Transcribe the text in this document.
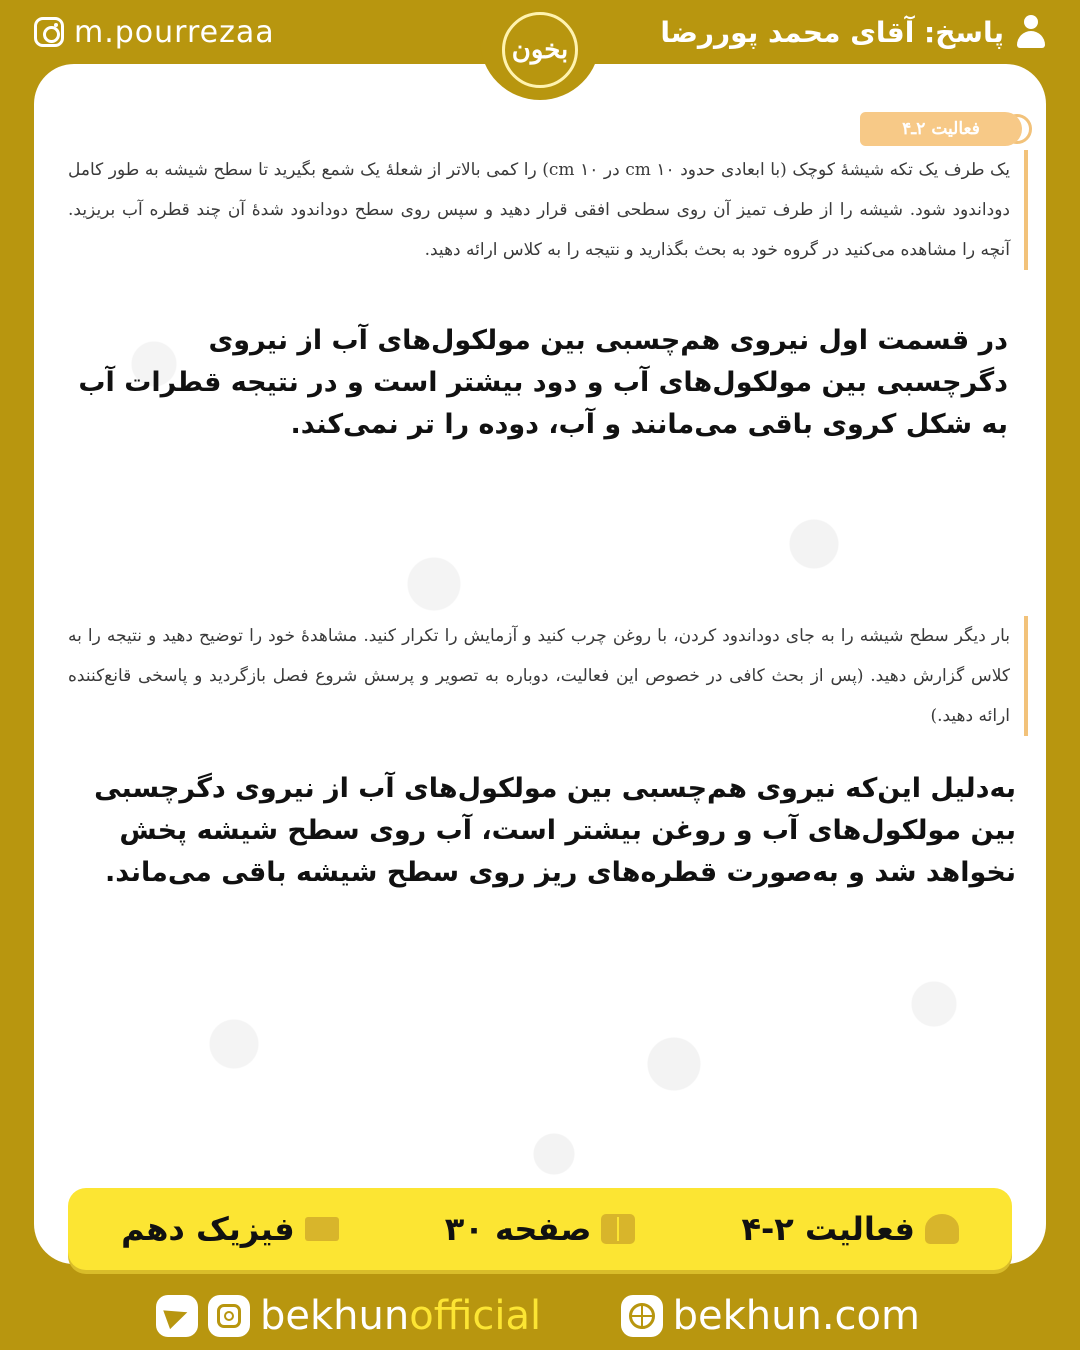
m.pourrezaa	پاسخ: آقای محمد پوررضا
فعالیت ۲ـ۴
یک طرف یک تکه شیشهٔ کوچک (با ابعادی حدود cm ۱۰ در cm ۱۰) را کمی بالاتر از شعلهٔ یک شمع بگیرید تا سطح شیشه به طور کامل دوداندود شود. شیشه را از طرف تمیز آن روی سطحی افقی قرار دهید و سپس روی سطح دوداندود شدهٔ آن چند قطره آب بریزید. آنچه را مشاهده می‌کنید در گروه خود به بحث بگذارید و نتیجه را به کلاس ارائه دهید.
در قسمت اول نیروی هم‌چسبی بین مولکول‌های آب از نیروی دگرچسبی بین مولکول‌های آب و دود بیشتر است و در نتیجه قطرات آب به شکل کروی باقی می‌مانند و آب، دوده را تر نمی‌کند.
بار دیگر سطح شیشه را به جای دوداندود کردن، با روغن چرب کنید و آزمایش را تکرار کنید. مشاهدهٔ خود را توضیح دهید و نتیجه را به کلاس گزارش دهید. (پس از بحث کافی در خصوص این فعالیت، دوباره به تصویر و پرسش شروع فصل بازگردید و پاسخی قانع‌کننده ارائه دهید.)
به‌دلیل این‌که نیروی هم‌چسبی بین مولکول‌های آب از نیروی دگرچسبی بین مولکول‌های آب و روغن بیشتر است، آب روی سطح شیشه پخش نخواهد شد و به‌صورت قطره‌های ریز روی سطح شیشه باقی می‌ماند.
بخون
فعالیت ۲-۴
صفحه ۳۰
فیزیک دهم
bekhunofficial	bekhun.com
